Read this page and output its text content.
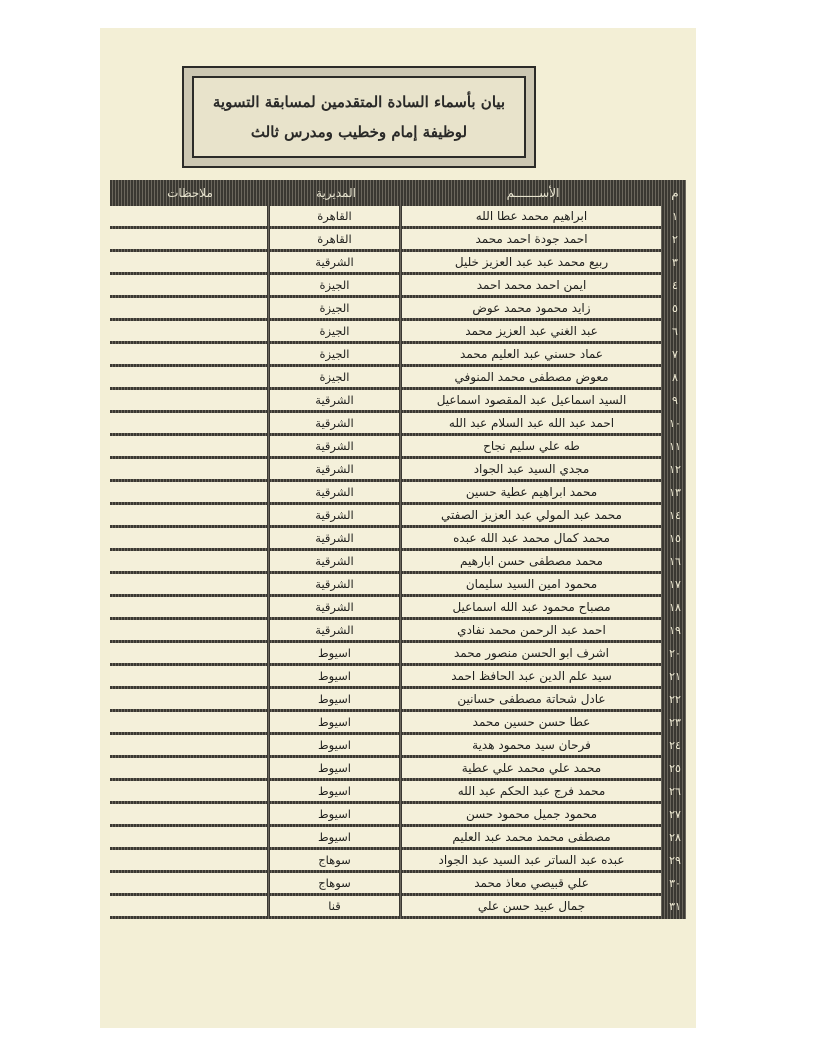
بيان بأسماء السادة المتقدمين لمسابقة التسوية
لوظيفة إمام وخطيب ومدرس ثالث
م	الأســـــــم	المديرية	ملاحظات
١	ابراهيم محمد عطا الله	القاهرة	
٢	احمد جودة احمد محمد	القاهرة	
٣	ربيع محمد عبد عبد العزيز خليل	الشرقية	
٤	ايمن احمد محمد احمد	الجيزة	
٥	زايد محمود محمد عوض	الجيزة	
٦	عبد الغني عبد العزيز محمد	الجيزة	
٧	عماد حسني عبد العليم محمد	الجيزة	
٨	معوض مصطفى محمد المنوفي	الجيزة	
٩	السيد اسماعيل عبد المقصود اسماعيل	الشرقية	
١٠	احمد عبد الله عبد السلام عبد الله	الشرقية	
١١	طه علي سليم نجاح	الشرقية	
١٢	مجدي السيد عبد الجواد	الشرقية	
١٣	محمد ابراهيم عطية حسين	الشرقية	
١٤	محمد عبد المولي عبد العزيز الصفتي	الشرقية	
١٥	محمد كمال محمد عبد الله عبده	الشرقية	
١٦	محمد مصطفى حسن ابارهيم	الشرقية	
١٧	محمود امين السيد سليمان	الشرقية	
١٨	مصباح محمود عبد الله اسماعيل	الشرقية	
١٩	احمد عبد الرحمن محمد نفادي	الشرقية	
٢٠	اشرف ابو الحسن منصور محمد	اسيوط	
٢١	سيد علم الدين عبد الحافظ احمد	اسيوط	
٢٢	عادل شحاتة مصطفى حسانين	اسيوط	
٢٣	عطا حسن حسين محمد	اسيوط	
٢٤	فرحان سيد محمود هدية	اسيوط	
٢٥	محمد علي محمد علي عطية	اسيوط	
٢٦	محمد فرج عبد الحكم عبد الله	اسيوط	
٢٧	محمود جميل محمود حسن	اسيوط	
٢٨	مصطفى محمد محمد عبد العليم	اسيوط	
٢٩	عبده عبد الساتر عبد السيد عبد الجواد	سوهاج	
٣٠	علي قبيصي معاذ محمد	سوهاج	
٣١	جمال عبيد حسن علي	قنا	
